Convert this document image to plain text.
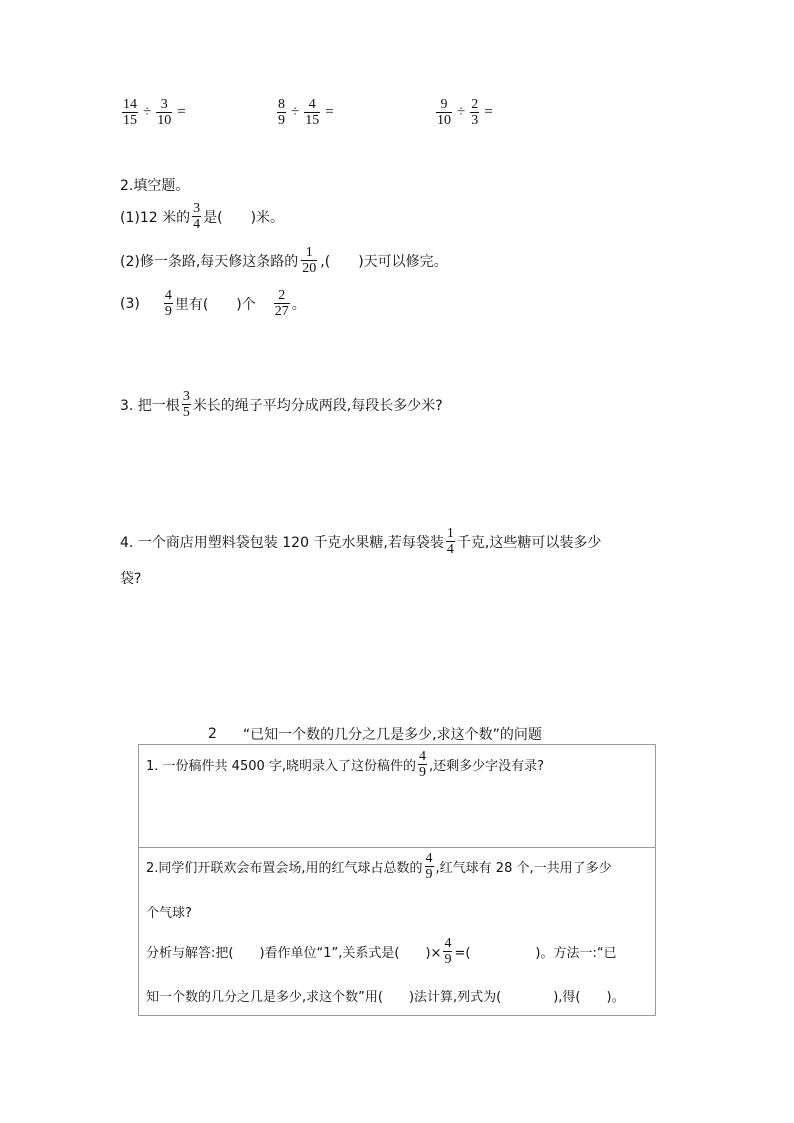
$\frac{14}{15} \div \frac{3}{10}$ =	$\frac{8}{9} \div \frac{4}{15}$ =	$\frac{9}{10} \div \frac{2}{3}$ =
2.填空题。
(1)12 米的 $\frac{3}{4}$ 是(　　)米。
(2)修一条路,每天修这条路的 $\frac{1}{20}$ ,(　　)天可以修完。
$(3) \frac{4}{9}$ 里有(　　)个 $\frac{2}{27}$ 。
3. 把一根 $\frac{3}{5}$ 米长的绳子平均分成两段,每段长多少米?
4. 一个商店用塑料袋包装 120 千克水果糖,若每袋装 $\frac{1}{4}$ 千克,这些糖可以装多少
袋?
2 “已知一个数的几分之几是多少,求这个数”的问题
1. 一份稿件共 4500 字,晓明录入了这份稿件的 $\frac{4}{9}$ ,还剩多少字没有录?
2.同学们开联欢会布置会场,用的红气球占总数的 $\frac{4}{9}$ ,红气球有 28 个,一共用了多少
个气球?
分析与解答:把(　　)看作单位“1”,关系式是(　　)× $\frac{4}{9}$ =(　　　　　)。方法一:“已
知一个数的几分之几是多少,求这个数”用(　　)法计算,列式为(　　　　),得(　　)。
